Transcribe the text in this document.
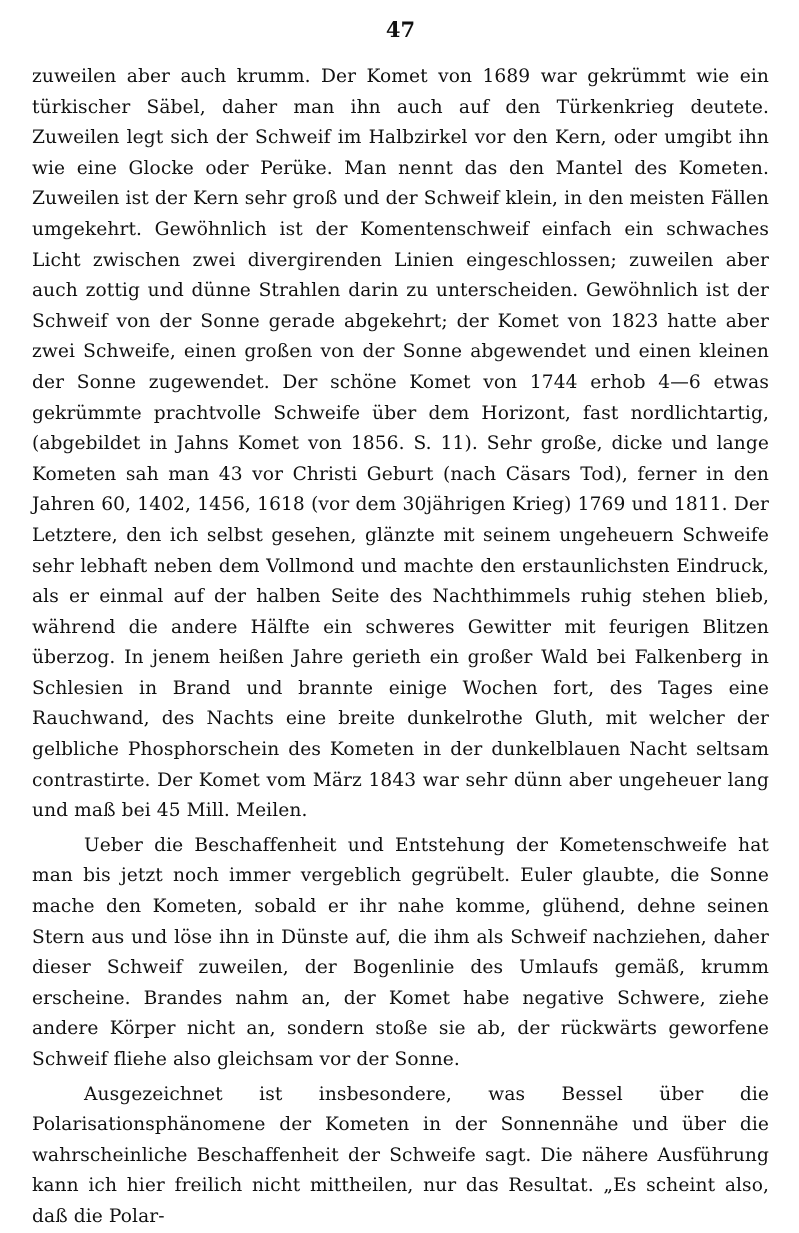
47

zuweilen aber auch krumm. Der Komet von 1689 war gekrümmt wie ein türkischer Säbel, daher man ihn auch auf den Türkenkrieg deutete. Zuweilen legt sich der Schweif im Halbzirkel vor den Kern, oder umgibt ihn wie eine Glocke oder Perüke. Man nennt das den Mantel des Kometen. Zuweilen ist der Kern sehr groß und der Schweif klein, in den meisten Fällen umgekehrt. Gewöhnlich ist der Komentenschweif einfach ein schwaches Licht zwischen zwei divergirenden Linien eingeschlossen; zuweilen aber auch zottig und dünne Strahlen darin zu unterscheiden. Gewöhnlich ist der Schweif von der Sonne gerade abgekehrt; der Komet von 1823 hatte aber zwei Schweife, einen großen von der Sonne abgewendet und einen kleinen der Sonne zugewendet. Der schöne Komet von 1744 erhob 4—6 etwas gekrümmte prachtvolle Schweife über dem Horizont, fast nordlichtartig, (abgebildet in Jahns Komet von 1856. S. 11). Sehr große, dicke und lange Kometen sah man 43 vor Christi Geburt (nach Cäsars Tod), ferner in den Jahren 60, 1402, 1456, 1618 (vor dem 30jährigen Krieg) 1769 und 1811. Der Letztere, den ich selbst gesehen, glänzte mit seinem ungeheuern Schweife sehr lebhaft neben dem Vollmond und machte den erstaunlichsten Eindruck, als er einmal auf der halben Seite des Nachthimmels ruhig stehen blieb, während die andere Hälfte ein schweres Gewitter mit feurigen Blitzen überzog. In jenem heißen Jahre gerieth ein großer Wald bei Falkenberg in Schlesien in Brand und brannte einige Wochen fort, des Tages eine Rauchwand, des Nachts eine breite dunkelrothe Gluth, mit welcher der gelbliche Phosphorschein des Kometen in der dunkelblauen Nacht seltsam contrastirte. Der Komet vom März 1843 war sehr dünn aber ungeheuer lang und maß bei 45 Mill. Meilen.

Ueber die Beschaffenheit und Entstehung der Kometenschweife hat man bis jetzt noch immer vergeblich gegrübelt. Euler glaubte, die Sonne mache den Kometen, sobald er ihr nahe komme, glühend, dehne seinen Stern aus und löse ihn in Dünste auf, die ihm als Schweif nachziehen, daher dieser Schweif zuweilen, der Bogenlinie des Umlaufs gemäß, krumm erscheine. Brandes nahm an, der Komet habe negative Schwere, ziehe andere Körper nicht an, sondern stoße sie ab, der rückwärts geworfene Schweif fliehe also gleichsam vor der Sonne.

Ausgezeichnet ist insbesondere, was Bessel über die Polarisationsphänomene der Kometen in der Sonnennähe und über die wahrscheinliche Beschaffenheit der Schweife sagt. Die nähere Ausführung kann ich hier freilich nicht mittheilen, nur das Resultat. „Es scheint also, daß die Polar-
